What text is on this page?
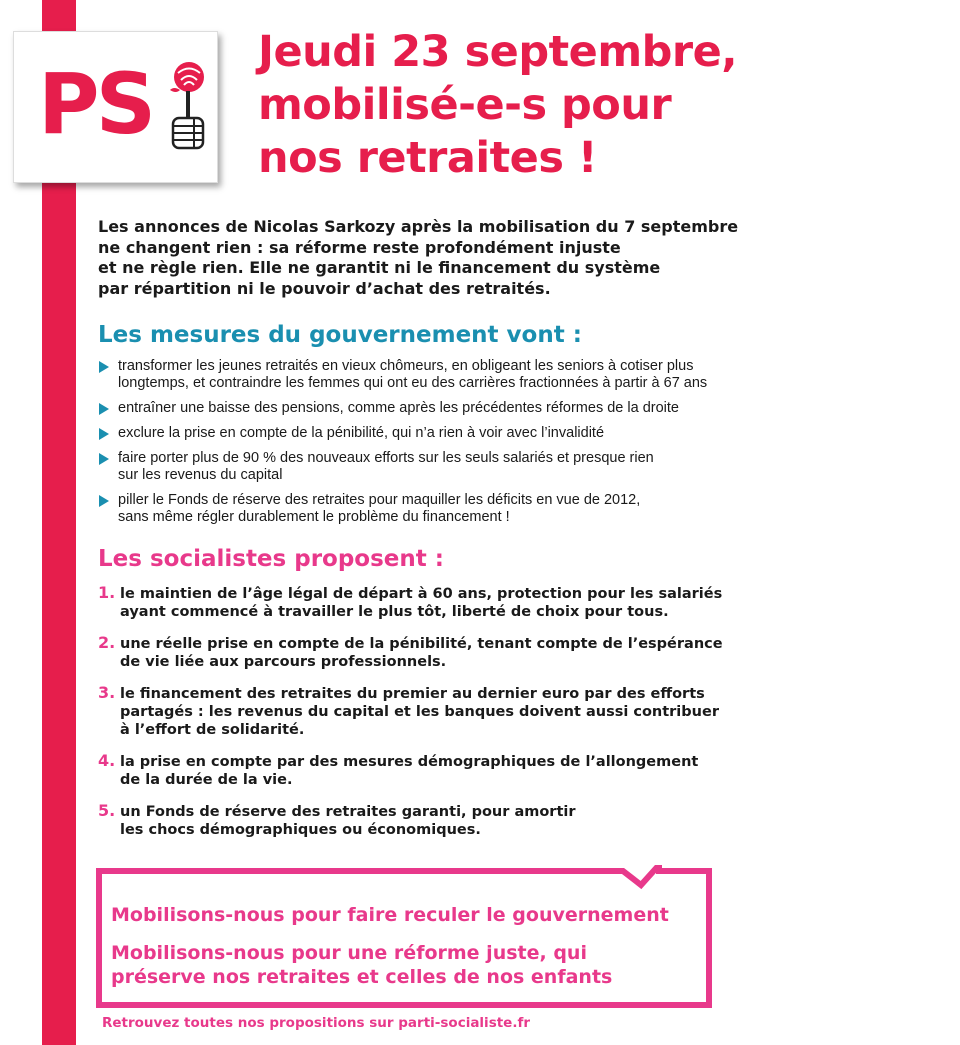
PS
Jeudi 23 septembre,
mobilisé-e-s pour
nos retraites !
Les annonces de Nicolas Sarkozy après la mobilisation du 7 septembre
ne changent rien : sa réforme reste profondément injuste
et ne règle rien. Elle ne garantit ni le financement du système
par répartition ni le pouvoir d’achat des retraités.
Les mesures du gouvernement vont :
transformer les jeunes retraités en vieux chômeurs, en obligeant les seniors à cotiser plus
longtemps, et contraindre les femmes qui ont eu des carrières fractionnées à partir à 67 ans
entraîner une baisse des pensions, comme après les précédentes réformes de la droite
exclure la prise en compte de la pénibilité, qui n’a rien à voir avec l’invalidité
faire porter plus de 90 % des nouveaux efforts sur les seuls salariés et presque rien
sur les revenus du capital
piller le Fonds de réserve des retraites pour maquiller les déficits en vue de 2012,
sans même régler durablement le problème du financement !
Les socialistes proposent :
1. le maintien de l’âge légal de départ à 60 ans, protection pour les salariés
ayant commencé à travailler le plus tôt, liberté de choix pour tous.
2. une réelle prise en compte de la pénibilité, tenant compte de l’espérance
de vie liée aux parcours professionnels.
3. le financement des retraites du premier au dernier euro par des efforts
partagés : les revenus du capital et les banques doivent aussi contribuer
à l’effort de solidarité.
4. la prise en compte par des mesures démographiques de l’allongement
de la durée de la vie.
5. un Fonds de réserve des retraites garanti, pour amortir
les chocs démographiques ou économiques.
Mobilisons-nous pour faire reculer le gouvernement
Mobilisons-nous pour une réforme juste, qui
préserve nos retraites et celles de nos enfants
Retrouvez toutes nos propositions sur parti-socialiste.fr
